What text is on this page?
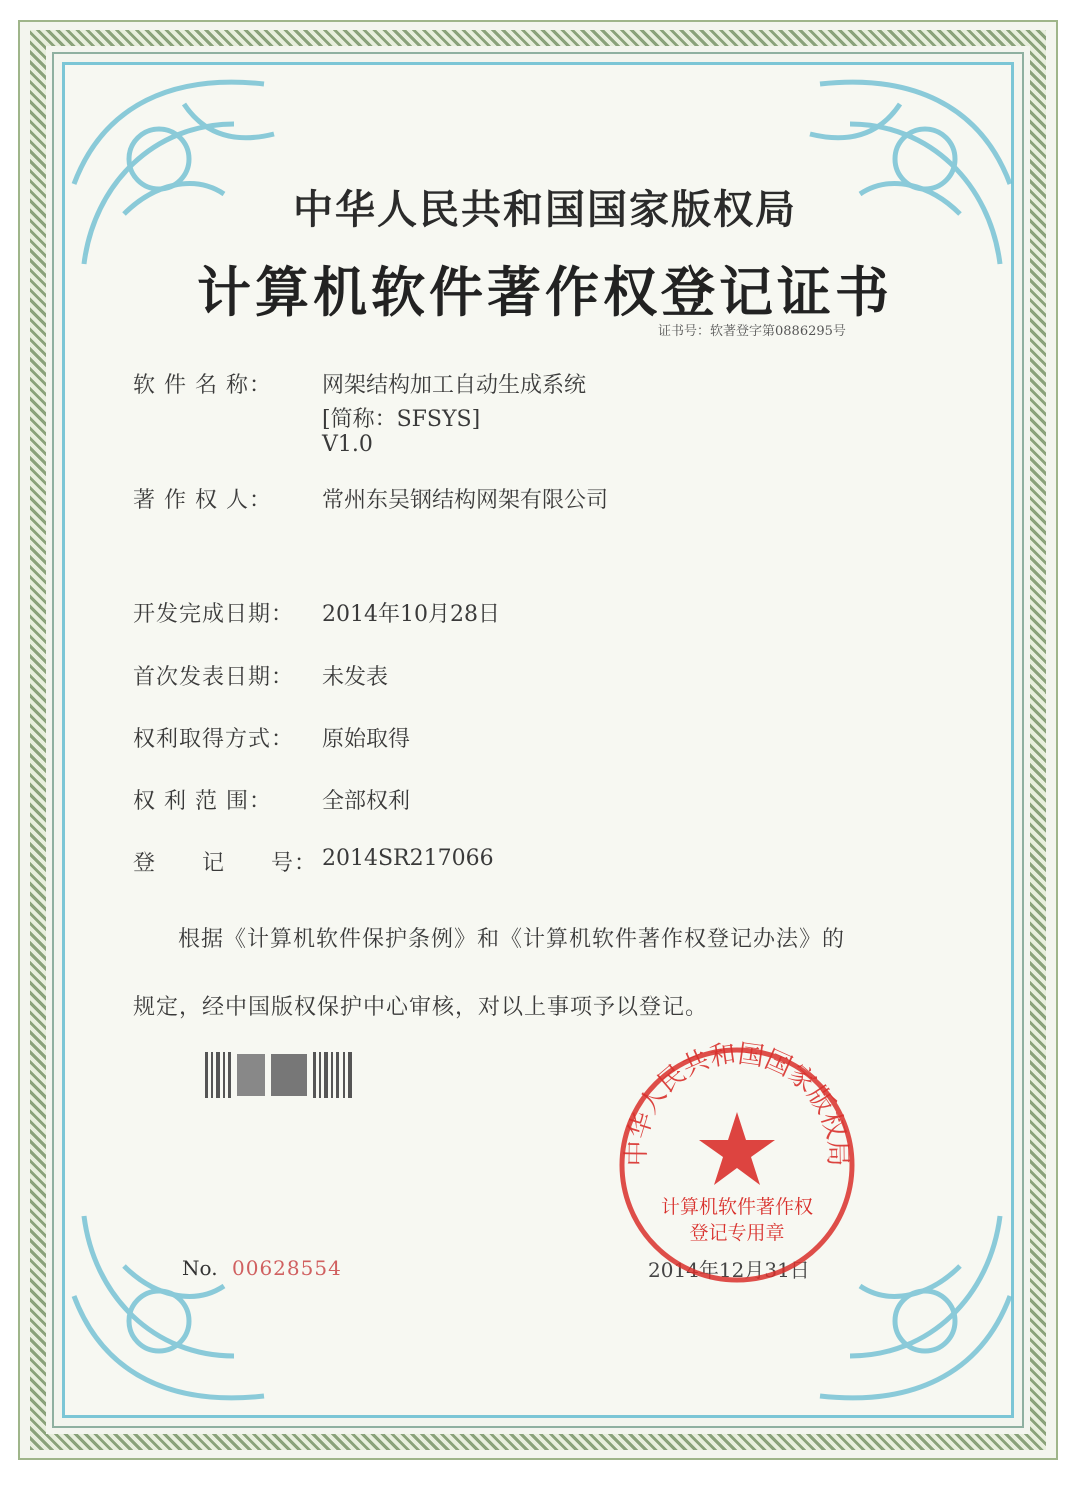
中华人民共和国国家版权局
计算机软件著作权登记证书
证书号：软著登字第0886295号
软 件 名 称：	网架结构加工自动生成系统
[简称：SFSYS]
V1.0
著 作 权 人：	常州东吴钢结构网架有限公司
开发完成日期：	2014年10月28日
首次发表日期：	未发表
权利取得方式：	原始取得
权 利 范 围：	全部权利
登　　记　　号： 2014SR217066
根据《计算机软件保护条例》和《计算机软件著作权登记办法》的
规定，经中国版权保护中心审核，对以上事项予以登记。
No. 00628554	2014年12月31日
中华人民共和国国家版权局
计算机软件著作权
登记专用章
